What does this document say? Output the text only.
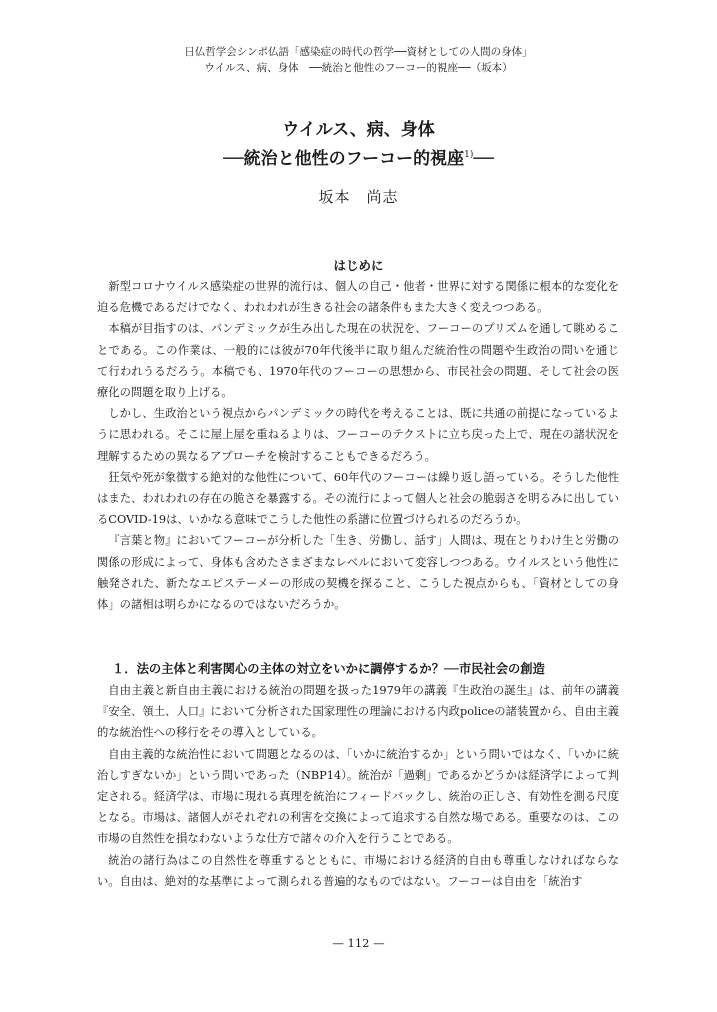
日仏哲学会シンポ仏語「感染症の時代の哲学──資材としての人間の身体」
ウイルス、病、身体　──統治と他性のフーコー的視座──（坂本）

ウイルス、病、身体

──統治と他性のフーコー的視座$^{1)}$──

坂本　尚志
はじめに

新型コロナウイルス感染症の世界的流行は、個人の自己・他者・世界に対する関係に根本的な変化を迫る危機であるだけでなく、われわれが生きる社会の諸条件もまた大きく変えつつある。

本稿が目指すのは、パンデミックが生み出した現在の状況を、フーコーのプリズムを通して眺めることである。この作業は、一般的には彼が70年代後半に取り組んだ統治性の問題や生政治の問いを通じて行われうるだろう。本稿でも、1970年代のフーコーの思想から、市民社会の問題、そして社会の医療化の問題を取り上げる。

しかし、生政治という視点からパンデミックの時代を考えることは、既に共通の前提になっているように思われる。そこに屋上屋を重ねるよりは、フーコーのテクストに立ち戻った上で、現在の諸状況を理解するための異なるアプローチを検討することもできるだろう。

狂気や死が象徴する絶対的な他性について、60年代のフーコーは繰り返し語っている。そうした他性はまた、われわれの存在の脆さを暴露する。その流行によって個人と社会の脆弱さを明るみに出しているCOVID-19は、いかなる意味でこうした他性の系譜に位置づけられるのだろうか。

『言葉と物』においてフーコーが分析した「生き、労働し、話す」人間は、現在とりわけ生と労働の関係の形成によって、身体も含めたさまざまなレベルにおいて変容しつつある。ウイルスという他性に触発された、新たなエピステーメーの形成の契機を探ること、こうした視点からも、「資材としての身体」の諸相は明らかになるのではないだろうか。

１．法の主体と利害関心の主体の対立をいかに調停するか？──市民社会の創造

自由主義と新自由主義における統治の問題を扱った1979年の講義『生政治の誕生』は、前年の講義『安全、領土、人口』において分析された国家理性の理論における内政policeの諸装置から、自由主義的な統治性への移行をその導入としている。

自由主義的な統治性において問題となるのは、「いかに統治するか」という問いではなく、「いかに統治しすぎないか」という問いであった（NBP14）。統治が「過剰」であるかどうかは経済学によって判定される。経済学は、市場に現れる真理を統治にフィードバックし、統治の正しさ、有効性を測る尺度となる。市場は、諸個人がそれぞれの利害を交換によって追求する自然な場である。重要なのは、この市場の自然性を損なわないような仕方で諸々の介入を行うことである。

統治の諸行為はこの自然性を尊重するとともに、市場における経済的自由も尊重しなければならない。自由は、絶対的な基準によって測られる普遍的なものではない。フーコーは自由を「統治す

— 112 —
